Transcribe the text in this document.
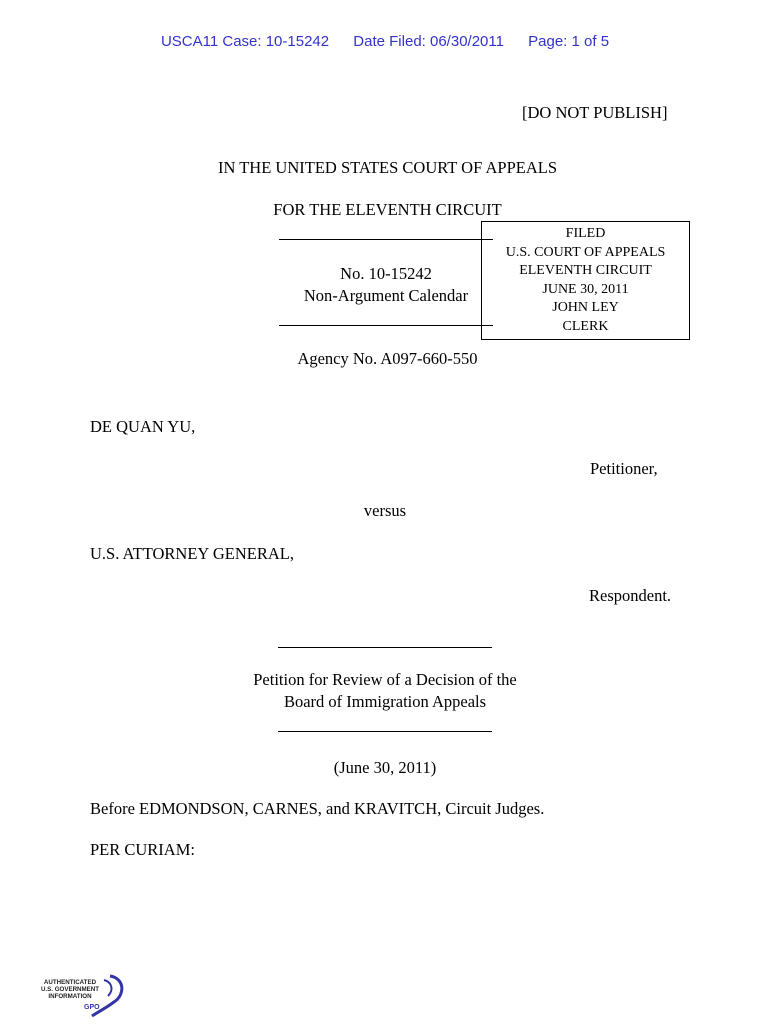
USCA11 Case: 10-15242 Date Filed: 06/30/2011 Page: 1 of 5
[DO NOT PUBLISH]
IN THE UNITED STATES COURT OF APPEALS
FOR THE ELEVENTH CIRCUIT
No. 10-15242
Non-Argument Calendar
FILED
U.S. COURT OF APPEALS
ELEVENTH CIRCUIT
JUNE 30, 2011
JOHN LEY
CLERK
Agency No. A097-660-550
DE QUAN YU,
Petitioner,
versus
U.S. ATTORNEY GENERAL,
Respondent.
Petition for Review of a Decision of the
Board of Immigration Appeals
(June 30, 2011)
Before EDMONDSON, CARNES, and KRAVITCH, Circuit Judges.
PER CURIAM:
AUTHENTICATED
U.S. GOVERNMENT
INFORMATION
GPO
